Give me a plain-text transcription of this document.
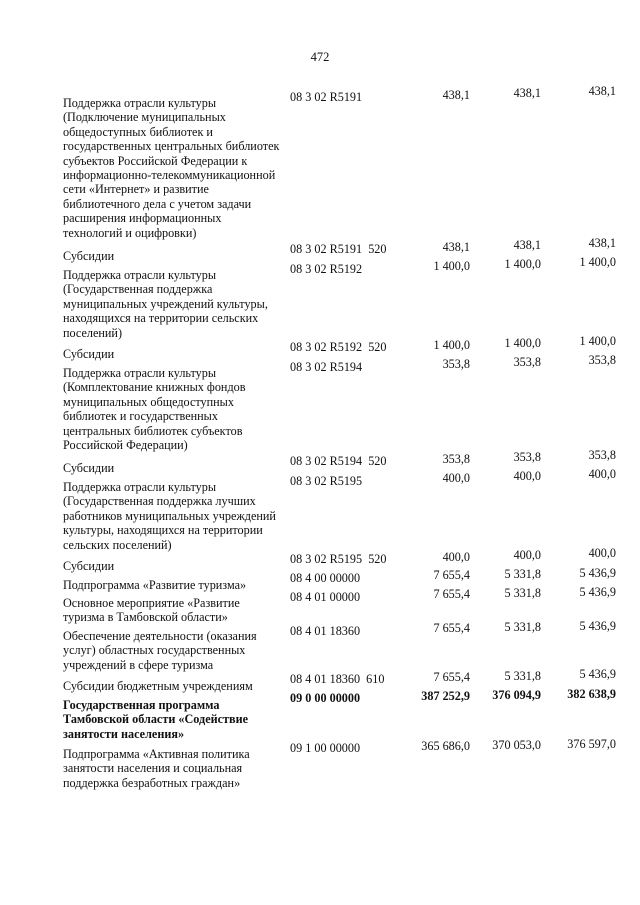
472
Поддержка отрасли культуры
(Подключение муниципальных
общедоступных библиотек и
государственных центральных библиотек
субъектов Российской Федерации к
информационно-телекоммуникационной
сети «Интернет» и развитие
библиотечного дела с учетом задачи
расширения информационных
технологий и оцифровки)
08 3 02 R5191	438,1	438,1	438,1
Субсидии	08 3 02 R5191  520	438,1	438,1	438,1
Поддержка отрасли культуры
(Государственная поддержка
муниципальных учреждений культуры,
находящихся на территории сельских
поселений)
08 3 02 R5192	1 400,0	1 400,0	1 400,0
Субсидии	08 3 02 R5192  520	1 400,0	1 400,0	1 400,0
Поддержка отрасли культуры
(Комплектование книжных фондов
муниципальных общедоступных
библиотек и государственных
центральных библиотек субъектов
Российской Федерации)
08 3 02 R5194	353,8	353,8	353,8
Субсидии	08 3 02 R5194  520	353,8	353,8	353,8
Поддержка отрасли культуры
(Государственная поддержка лучших
работников муниципальных учреждений
культуры, находящихся на территории
сельских поселений)
08 3 02 R5195	400,0	400,0	400,0
Субсидии	08 3 02 R5195  520	400,0	400,0	400,0
Подпрограмма «Развитие туризма»	08 4 00 00000	7 655,4	5 331,8	5 436,9
Основное мероприятие «Развитие
туризма в Тамбовской области»
08 4 01 00000	7 655,4	5 331,8	5 436,9
Обеспечение деятельности (оказания
услуг) областных государственных
учреждений в сфере туризма
08 4 01 18360	7 655,4	5 331,8	5 436,9
Субсидии бюджетным учреждениям	08 4 01 18360  610	7 655,4	5 331,8	5 436,9
Государственная программа
Тамбовской области «Содействие
занятости населения»
09 0 00 00000	387 252,9	376 094,9	382 638,9
Подпрограмма «Активная политика
занятости населения и социальная
поддержка безработных граждан»
09 1 00 00000	365 686,0	370 053,0	376 597,0
